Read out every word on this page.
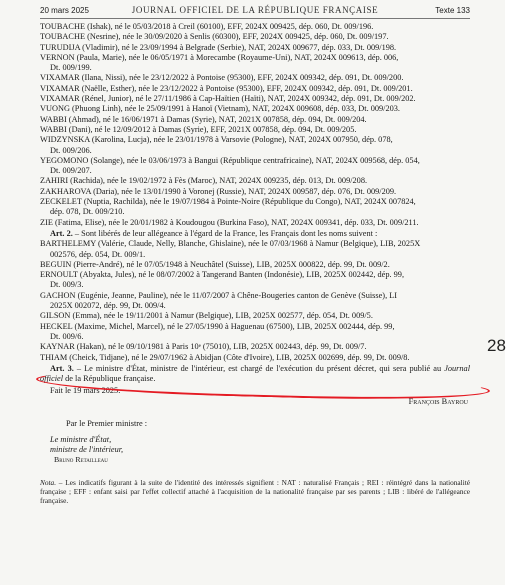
20 mars 2025	JOURNAL OFFICIEL DE LA RÉPUBLIQUE FRANÇAISE	Texte 133

TOUBACHE (Ishak), né le 05/03/2018 à Creil (60100), EFF, 2024X 009425, dép. 060, Dt. 009/196.

TOUBACHE (Nesrine), née le 30/09/2020 à Senlis (60300), EFF, 2024X 009425, dép. 060, Dt. 009/197.

TURUDIJA (Vladimir), né le 23/09/1994 à Belgrade (Serbie), NAT, 2024X 009677, dép. 033, Dt. 009/198.

VERNON (Paula, Marie), née le 06/05/1971 à Morecambe (Royaume-Uni), NAT, 2024X 009613, dép. 006,
Dt. 009/199.

VIXAMAR (Ilana, Nissi), née le 23/12/2022 à Pontoise (95300), EFF, 2024X 009342, dép. 091, Dt. 009/200.

VIXAMAR (Naëlle, Esther), née le 23/12/2022 à Pontoise (95300), EFF, 2024X 009342, dép. 091, Dt. 009/201.

VIXAMAR (Rénel, Junior), né le 27/11/1986 à Cap-Haïtien (Haïti), NAT, 2024X 009342, dép. 091, Dt. 009/202.

VUONG (Phuong Linh), née le 25/09/1991 à Hanoï (Vietnam), NAT, 2024X 009608, dép. 033, Dt. 009/203.

WABBI (Ahmad), né le 16/06/1971 à Damas (Syrie), NAT, 2021X 007858, dép. 094, Dt. 009/204.

WABBI (Dani), né le 12/09/2012 à Damas (Syrie), EFF, 2021X 007858, dép. 094, Dt. 009/205.

WIDZYNSKA (Karolina, Lucja), née le 23/01/1978 à Varsovie (Pologne), NAT, 2024X 007950, dép. 078,
Dt. 009/206.

YEGOMONO (Solange), née le 03/06/1973 à Bangui (République centrafricaine), NAT, 2024X 009568, dép. 054,
Dt. 009/207.

ZAHIRI (Rachida), née le 19/02/1972 à Fès (Maroc), NAT, 2024X 009235, dép. 013, Dt. 009/208.

ZAKHAROVA (Daria), née le 13/01/1990 à Voronej (Russie), NAT, 2024X 009587, dép. 076, Dt. 009/209.

ZECKELET (Nuptia, Rachilda), née le 19/07/1984 à Pointe-Noire (République du Congo), NAT, 2024X 007824,
dép. 078, Dt. 009/210.

ZIE (Fatima, Elise), née le 20/01/1982 à Koudougou (Burkina Faso), NAT, 2024X 009341, dép. 033, Dt. 009/211.

Art. 2. – Sont libérés de leur allégeance à l'égard de la France, les Français dont les noms suivent :

BARTHELEMY (Valérie, Claude, Nelly, Blanche, Ghislaine), née le 07/03/1968 à Namur (Belgique), LIB, 2025X
002576, dép. 054, Dt. 009/1.

BEGUIN (Pierre-André), né le 07/05/1948 à Neuchâtel (Suisse), LIB, 2025X 000822, dép. 99, Dt. 009/2.

ERNOULT (Abyakta, Jules), né le 08/07/2002 à Tangerand Banten (Indonésie), LIB, 2025X 002442, dép. 99,
Dt. 009/3.

GACHON (Eugénie, Jeanne, Pauline), née le 11/07/2007 à Chêne-Bougeries canton de Genève (Suisse), LI
2025X 002072, dép. 99, Dt. 009/4.

GILSON (Emma), née le 19/11/2001 à Namur (Belgique), LIB, 2025X 002577, dép. 054, Dt. 009/5.

HECKEL (Maxime, Michel, Marcel), né le 27/05/1990 à Haguenau (67500), LIB, 2025X 002444, dép. 99,
Dt. 009/6.

KAYNAR (Hakan), né le 09/10/1981 à Paris 10ᵉ (75010), LIB, 2025X 002443, dép. 99, Dt. 009/7.

THIAM (Cheick, Tidjane), né le 29/07/1962 à Abidjan (Côte d'Ivoire), LIB, 2025X 002699, dép. 99, Dt. 009/8.

Art. 3. – Le ministre d'État, ministre de l'intérieur, est chargé de l'exécution du présent décret, qui sera publié au Journal officiel de la République française.

Fait le 19 mars 2025.

François Bayrou
Par le Premier ministre :
Le ministre d'État,
ministre de l'intérieur,
Bruno Retailleau

Nota. – Les indicatifs figurant à la suite de l'identité des intéressés signifient : NAT : naturalisé Français ; REI : réintégré dans la nationalité française ; EFF : enfant saisi par l'effet collectif attaché à l'acquisition de la nationalité française par ses parents ; LIB : libéré de l'allégeance française.

28
